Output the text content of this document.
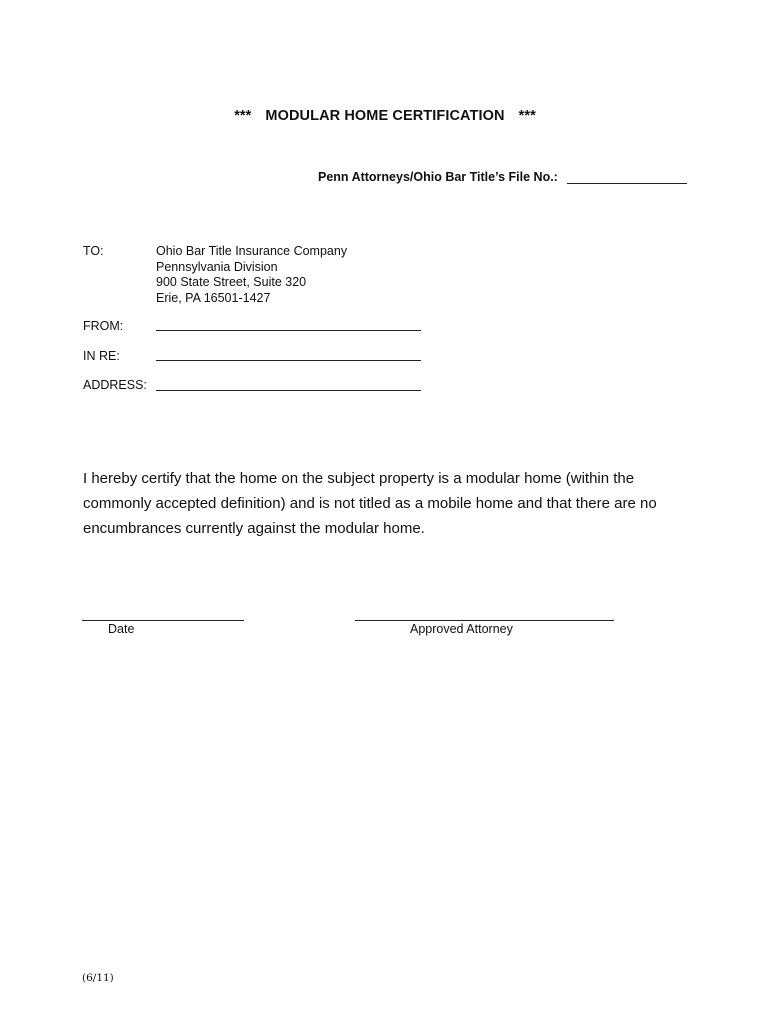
*** MODULAR HOME CERTIFICATION ***
Penn Attorneys/Ohio Bar Title’s File No.:
TO:	Ohio Bar Title Insurance Company
Pennsylvania Division
900 State Street, Suite 320
Erie, PA 16501-1427
FROM:
IN RE:
ADDRESS:
I hereby certify that the home on the subject property is a modular home (within the commonly accepted definition) and is not titled as a mobile home and that there are no encumbrances currently against the modular home.
Date	Approved Attorney
(6/11)
